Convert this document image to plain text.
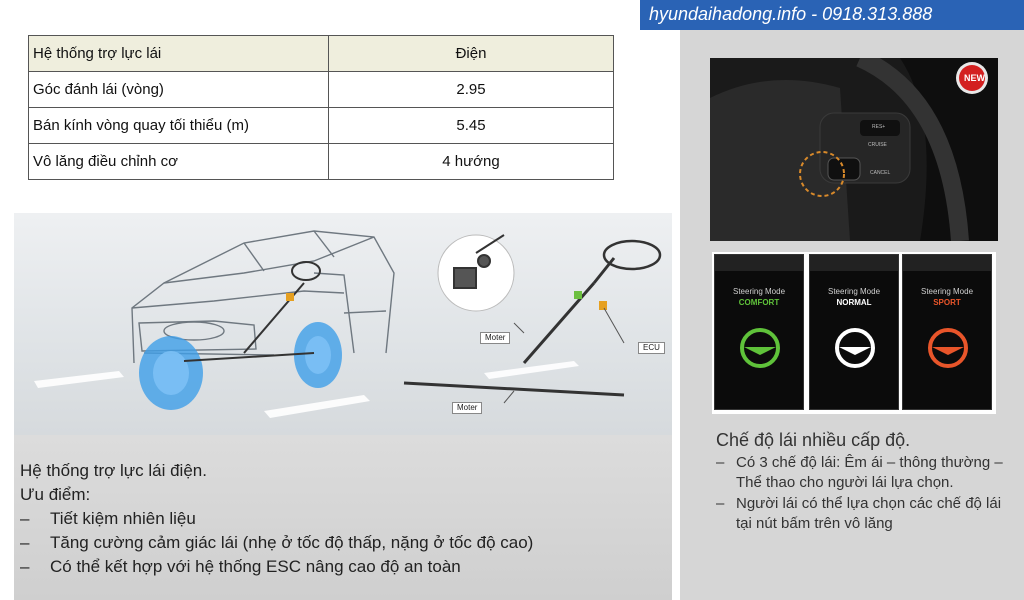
Hệ thống trợ lực lái	Điện
Góc đánh lái (vòng)	2.95
Bán kính vòng quay tối thiểu (m)	5.45
Vô lăng điều chỉnh cơ	4 hướng
Moter
Moter
ECU
Hệ thống trợ lực lái điện.
Ưu điểm:
–	Tiết kiệm nhiên liệu
–	Tăng cường cảm giác lái (nhẹ ở tốc độ thấp, nặng ở tốc độ cao)
–	Có thể kết hợp với hệ thống ESC nâng cao độ an toàn
hyundaihadong.info - 0918.313.888
NEW
CRUISE
RES+
CANCEL
Steering Mode
COMFORT
Steering Mode
NORMAL
Steering Mode
SPORT
Chế độ lái nhiều cấp độ.
– Có 3 chế độ lái: Êm ái – thông thường – Thể thao cho người lái lựa chọn.
– Người lái có thể lựa chọn các chế độ lái tại nút bấm trên vô lăng
